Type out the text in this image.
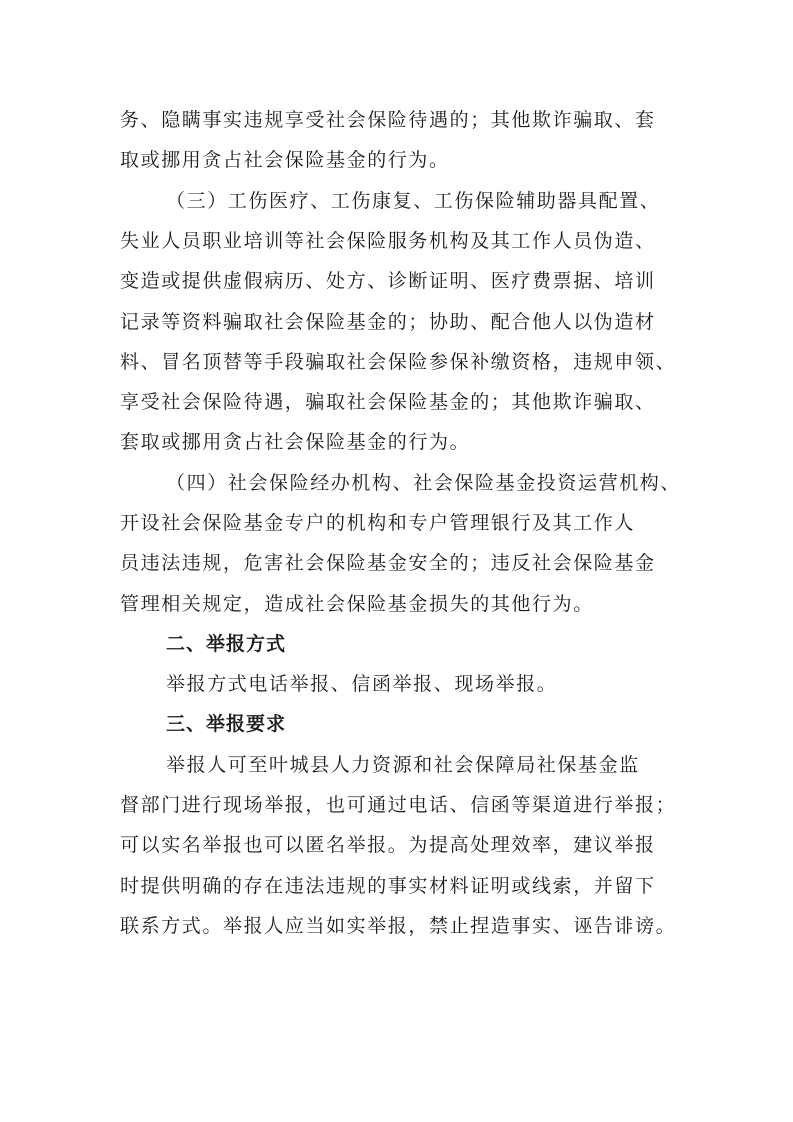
务、隐瞒事实违规享受社会保险待遇的；其他欺诈骗取、套
取或挪用贪占社会保险基金的行为。
（三）工伤医疗、工伤康复、工伤保险辅助器具配置、
失业人员职业培训等社会保险服务机构及其工作人员伪造、
变造或提供虚假病历、处方、诊断证明、医疗费票据、培训
记录等资料骗取社会保险基金的；协助、配合他人以伪造材
料、冒名顶替等手段骗取社会保险参保补缴资格，违规申领、
享受社会保险待遇，骗取社会保险基金的；其他欺诈骗取、
套取或挪用贪占社会保险基金的行为。
（四）社会保险经办机构、社会保险基金投资运营机构、
开设社会保险基金专户的机构和专户管理银行及其工作人
员违法违规，危害社会保险基金安全的；违反社会保险基金
管理相关规定，造成社会保险基金损失的其他行为。
二、举报方式
举报方式电话举报、信函举报、现场举报。
三、举报要求
举报人可至叶城县人力资源和社会保障局社保基金监
督部门进行现场举报，也可通过电话、信函等渠道进行举报；
可以实名举报也可以匿名举报。为提高处理效率，建议举报
时提供明确的存在违法违规的事实材料证明或线索，并留下
联系方式。举报人应当如实举报，禁止捏造事实、诬告诽谤。
